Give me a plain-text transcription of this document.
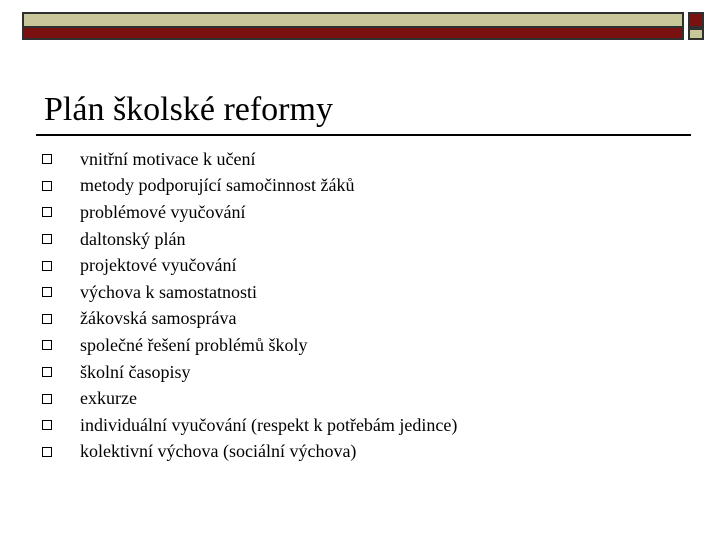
Plán školské reformy
vnitřní motivace k učení
metody podporující samočinnost žáků
problémové vyučování
daltonský plán
projektové vyučování
výchova k samostatnosti
žákovská samospráva
společné řešení problémů školy
školní časopisy
exkurze
individuální vyučování (respekt k potřebám jedince)
kolektivní výchova (sociální výchova)
